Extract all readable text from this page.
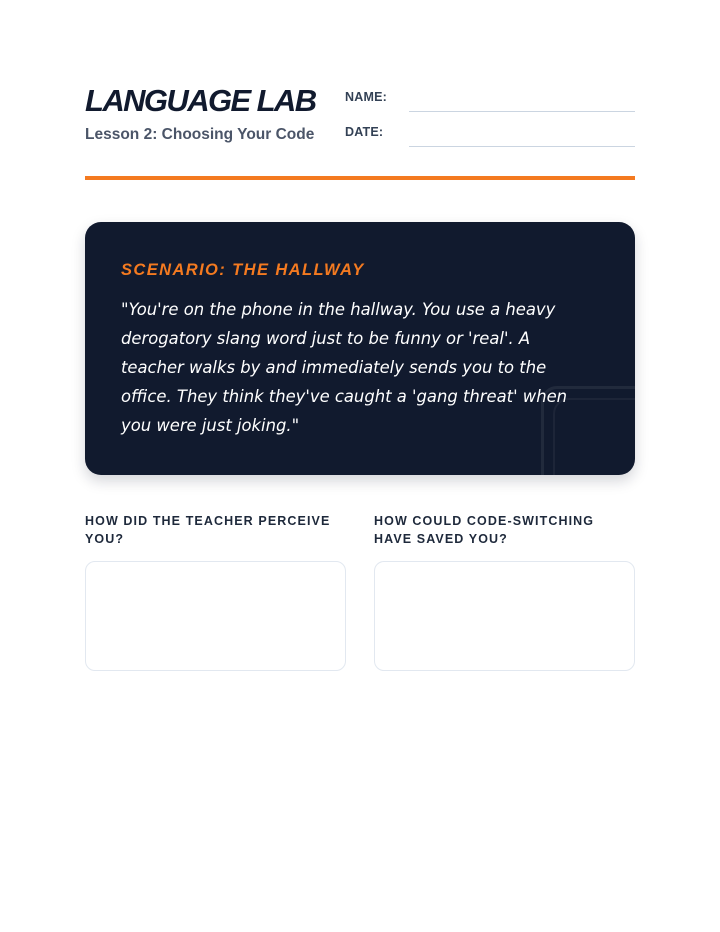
LANGUAGE LAB
Lesson 2: Choosing Your Code
NAME:
DATE:
SCENARIO: THE HALLWAY

"You're on the phone in the hallway. You use a heavy derogatory slang word just to be funny or 'real'. A teacher walks by and immediately sends you to the office. They think they've caught a 'gang threat' when you were just joking."

HOW DID THE TEACHER PERCEIVE YOU?

HOW COULD CODE-SWITCHING HAVE SAVED YOU?
